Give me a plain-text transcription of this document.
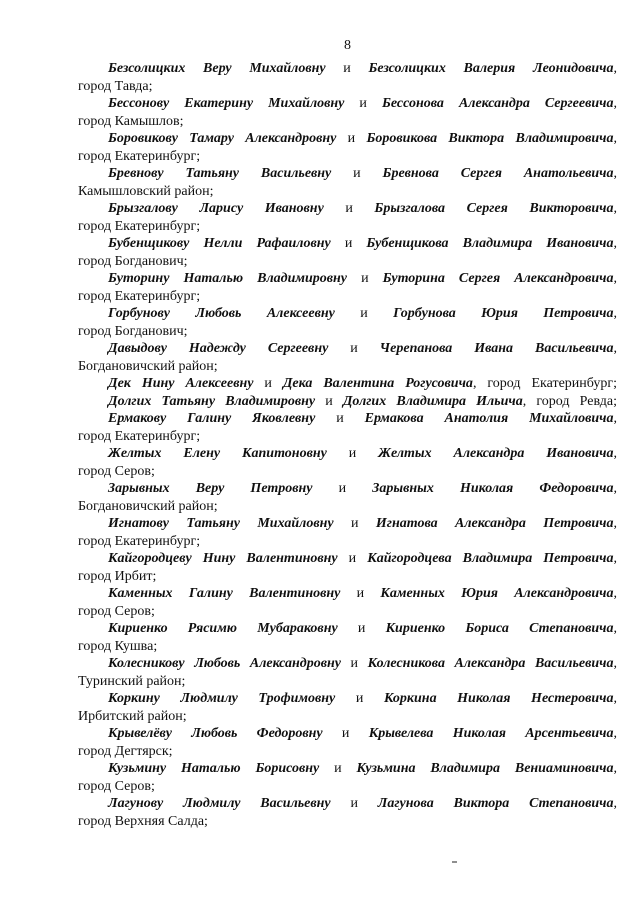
8

Безсолицких Веру Михайловну и Безсолицких Валерия Леонидовича,
город Тавда;

Бессонову Екатерину Михайловну и Бессонова Александра Сергеевича,
город Камышлов;

Боровикову Тамару Александровну и Боровикова Виктора Владимировича,
город Екатеринбург;

Бревнову Татьяну Васильевну и Бревнова Сергея Анатольевича,
Камышловский район;

Брызгалову Ларису Ивановну и Брызгалова Сергея Викторовича,
город Екатеринбург;

Бубенщикову Нелли Рафаиловну и Бубенщикова Владимира Ивановича,
город Богданович;

Буторину Наталью Владимировну и Буторина Сергея Александровича,
город Екатеринбург;

Горбунову Любовь Алексеевну и Горбунова Юрия Петровича,
город Богданович;

Давыдову Надежду Сергеевну и Черепанова Ивана Васильевича,
Богдановичский район;

Дек Нину Алексеевну и Дека Валентина Рогусовича, город Екатеринбург;

Долгих Татьяну Владимировну и Долгих Владимира Ильича, город Ревда;

Ермакову Галину Яковлевну и Ермакова Анатолия Михайловича,
город Екатеринбург;

Желтых Елену Капитоновну и Желтых Александра Ивановича,
город Серов;

Зарывных Веру Петровну и Зарывных Николая Федоровича,
Богдановичский район;

Игнатову Татьяну Михайловну и Игнатова Александра Петровича,
город Екатеринбург;

Кайгородцеву Нину Валентиновну и Кайгородцева Владимира Петровича,
город Ирбит;

Каменных Галину Валентиновну и Каменных Юрия Александровича,
город Серов;

Кириенко Рясимю Мубараковну и Кириенко Бориса Степановича,
город Кушва;

Колесникову Любовь Александровну и Колесникова Александра Васильевича, Туринский район;

Коркину Людмилу Трофимовну и Коркина Николая Нестеровича,
Ирбитский район;

Крывелёву Любовь Федоровну и Крывелева Николая Арсентьевича,
город Дегтярск;

Кузьмину Наталью Борисовну и Кузьмина Владимира Вениаминовича,
город Серов;

Лагунову Людмилу Васильевну и Лагунова Виктора Степановича,
город Верхняя Салда;
